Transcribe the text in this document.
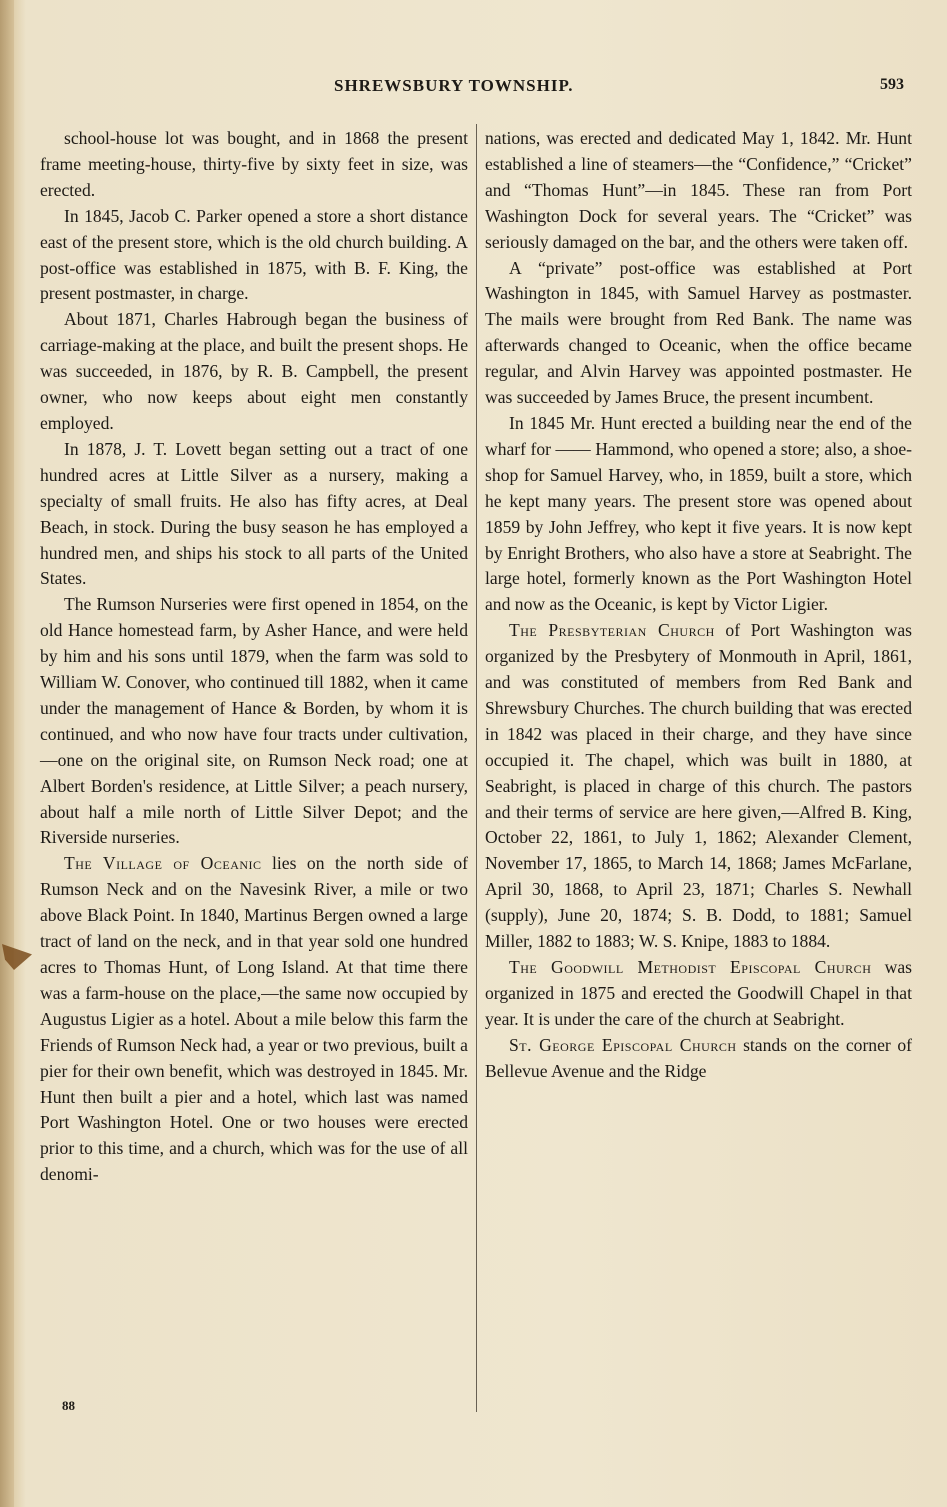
SHREWSBURY TOWNSHIP.	593

school-house lot was bought, and in 1868 the present frame meeting-house, thirty-five by sixty feet in size, was erected.

In 1845, Jacob C. Parker opened a store a short distance east of the present store, which is the old church building. A post-office was established in 1875, with B. F. King, the present postmaster, in charge.

About 1871, Charles Habrough began the business of carriage-making at the place, and built the present shops. He was succeeded, in 1876, by R. B. Campbell, the present owner, who now keeps about eight men constantly employed.

In 1878, J. T. Lovett began setting out a tract of one hundred acres at Little Silver as a nursery, making a specialty of small fruits. He also has fifty acres, at Deal Beach, in stock. During the busy season he has employed a hundred men, and ships his stock to all parts of the United States.

The Rumson Nurseries were first opened in 1854, on the old Hance homestead farm, by Asher Hance, and were held by him and his sons until 1879, when the farm was sold to William W. Conover, who continued till 1882, when it came under the management of Hance & Borden, by whom it is continued, and who now have four tracts under cultivation,—one on the original site, on Rumson Neck road; one at Albert Borden's residence, at Little Silver; a peach nursery, about half a mile north of Little Silver Depot; and the Riverside nurseries.

The Village of Oceanic lies on the north side of Rumson Neck and on the Navesink River, a mile or two above Black Point. In 1840, Martinus Bergen owned a large tract of land on the neck, and in that year sold one hundred acres to Thomas Hunt, of Long Island. At that time there was a farm-house on the place,—the same now occupied by Augustus Ligier as a hotel. About a mile below this farm the Friends of Rumson Neck had, a year or two previous, built a pier for their own benefit, which was destroyed in 1845. Mr. Hunt then built a pier and a hotel, which last was named Port Washington Hotel. One or two houses were erected prior to this time, and a church, which was for the use of all denomi-

nations, was erected and dedicated May 1, 1842. Mr. Hunt established a line of steamers—the “Confidence,” “Cricket” and “Thomas Hunt”—in 1845. These ran from Port Washington Dock for several years. The “Cricket” was seriously damaged on the bar, and the others were taken off.

A “private” post-office was established at Port Washington in 1845, with Samuel Harvey as postmaster. The mails were brought from Red Bank. The name was afterwards changed to Oceanic, when the office became regular, and Alvin Harvey was appointed postmaster. He was succeeded by James Bruce, the present incumbent.

In 1845 Mr. Hunt erected a building near the end of the wharf for —— Hammond, who opened a store; also, a shoe-shop for Samuel Harvey, who, in 1859, built a store, which he kept many years. The present store was opened about 1859 by John Jeffrey, who kept it five years. It is now kept by Enright Brothers, who also have a store at Seabright. The large hotel, formerly known as the Port Washington Hotel and now as the Oceanic, is kept by Victor Ligier.

The Presbyterian Church of Port Washington was organized by the Presbytery of Monmouth in April, 1861, and was constituted of members from Red Bank and Shrewsbury Churches. The church building that was erected in 1842 was placed in their charge, and they have since occupied it. The chapel, which was built in 1880, at Seabright, is placed in charge of this church. The pastors and their terms of service are here given,—Alfred B. King, October 22, 1861, to July 1, 1862; Alexander Clement, November 17, 1865, to March 14, 1868; James McFarlane, April 30, 1868, to April 23, 1871; Charles S. Newhall (supply), June 20, 1874; S. B. Dodd, to 1881; Samuel Miller, 1882 to 1883; W. S. Knipe, 1883 to 1884.

The Goodwill Methodist Episcopal Church was organized in 1875 and erected the Goodwill Chapel in that year. It is under the care of the church at Seabright.

St. George Episcopal Church stands on the corner of Bellevue Avenue and the Ridge

88
